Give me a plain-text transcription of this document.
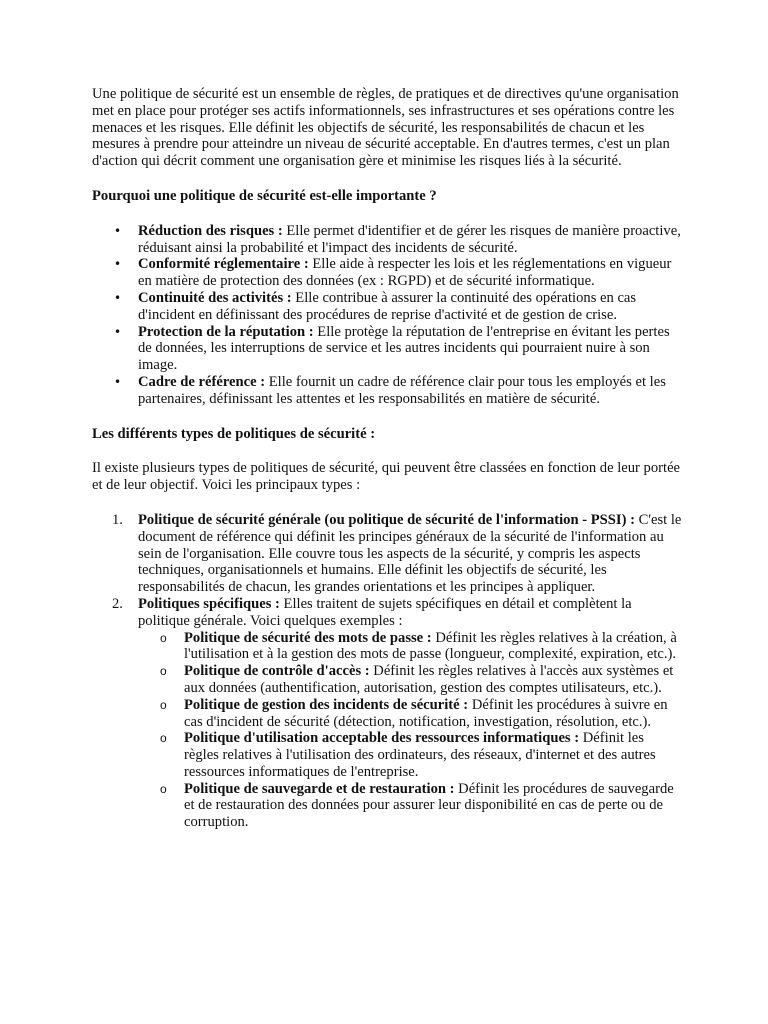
Une politique de sécurité est un ensemble de règles, de pratiques et de directives qu'une organisation met en place pour protéger ses actifs informationnels, ses infrastructures et ses opérations contre les menaces et les risques. Elle définit les objectifs de sécurité, les responsabilités de chacun et les mesures à prendre pour atteindre un niveau de sécurité acceptable. En d'autres termes, c'est un plan d'action qui décrit comment une organisation gère et minimise les risques liés à la sécurité.

Pourquoi une politique de sécurité est-elle importante ?

• Réduction des risques : Elle permet d'identifier et de gérer les risques de manière proactive, réduisant ainsi la probabilité et l'impact des incidents de sécurité.
• Conformité réglementaire : Elle aide à respecter les lois et les réglementations en vigueur en matière de protection des données (ex : RGPD) et de sécurité informatique.
• Continuité des activités : Elle contribue à assurer la continuité des opérations en cas d'incident en définissant des procédures de reprise d'activité et de gestion de crise.
• Protection de la réputation : Elle protège la réputation de l'entreprise en évitant les pertes de données, les interruptions de service et les autres incidents qui pourraient nuire à son image.
• Cadre de référence : Elle fournit un cadre de référence clair pour tous les employés et les partenaires, définissant les attentes et les responsabilités en matière de sécurité.

Les différents types de politiques de sécurité :

Il existe plusieurs types de politiques de sécurité, qui peuvent être classées en fonction de leur portée et de leur objectif. Voici les principaux types :

1. Politique de sécurité générale (ou politique de sécurité de l'information - PSSI) : C'est le document de référence qui définit les principes généraux de la sécurité de l'information au sein de l'organisation. Elle couvre tous les aspects de la sécurité, y compris les aspects techniques, organisationnels et humains. Elle définit les objectifs de sécurité, les responsabilités de chacun, les grandes orientations et les principes à appliquer.
2. Politiques spécifiques : Elles traitent de sujets spécifiques en détail et complètent la politique générale. Voici quelques exemples :
o Politique de sécurité des mots de passe : Définit les règles relatives à la création, à l'utilisation et à la gestion des mots de passe (longueur, complexité, expiration, etc.).
o Politique de contrôle d'accès : Définit les règles relatives à l'accès aux systèmes et aux données (authentification, autorisation, gestion des comptes utilisateurs, etc.).
o Politique de gestion des incidents de sécurité : Définit les procédures à suivre en cas d'incident de sécurité (détection, notification, investigation, résolution, etc.).
o Politique d'utilisation acceptable des ressources informatiques : Définit les règles relatives à l'utilisation des ordinateurs, des réseaux, d'internet et des autres ressources informatiques de l'entreprise.
o Politique de sauvegarde et de restauration : Définit les procédures de sauvegarde et de restauration des données pour assurer leur disponibilité en cas de perte ou de corruption.
